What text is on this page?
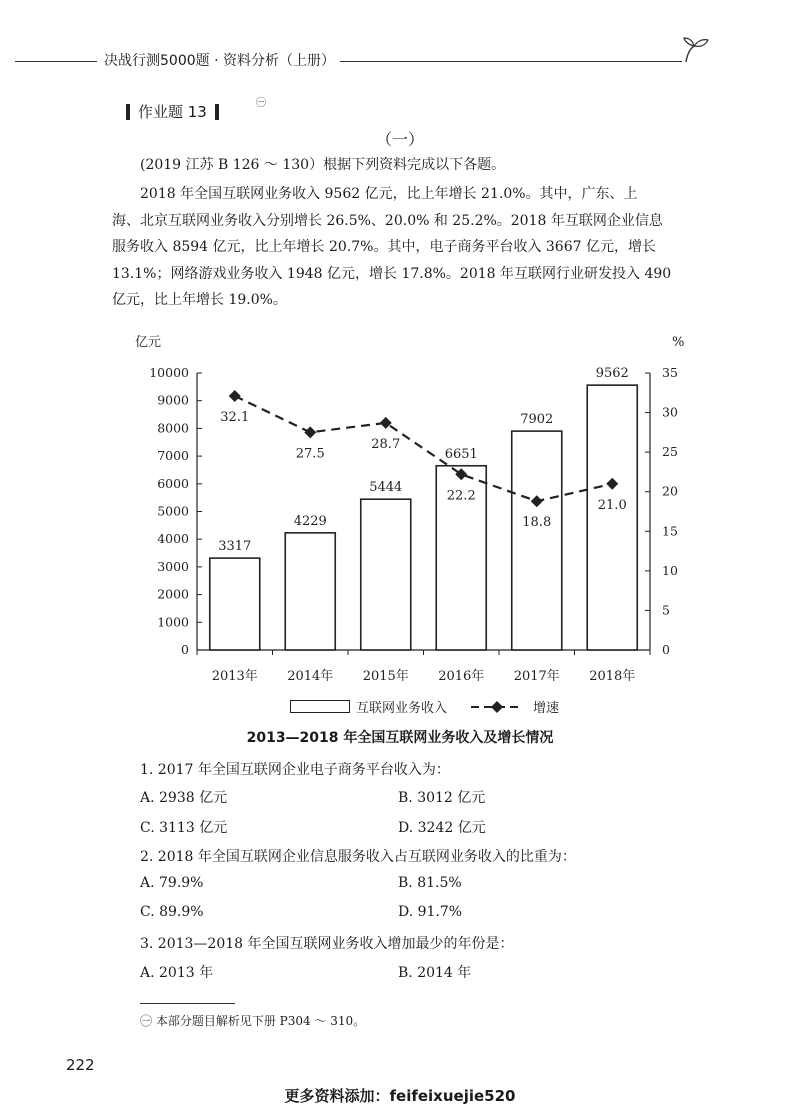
决战行测5000题 · 资料分析（上册）
作业题 13	㊀
（一）
(2019 江苏 B 126 ～ 130）根据下列资料完成以下各题。
2018 年全国互联网业务收入 9562 亿元，比上年增长 21.0%。其中，广东、上
海、北京互联网业务收入分别增长 26.5%、20.0% 和 25.2%。2018 年互联网企业信息
服务收入 8594 亿元，比上年增长 20.7%。其中，电子商务平台收入 3667 亿元，增长
13.1%；网络游戏业务收入 1948 亿元，增长 17.8%。2018 年互联网行业研发投入 490
亿元，比上年增长 19.0%。
亿元	%
0
1000
2000
3000
4000
5000
6000
7000
8000
9000
10000
0
5
10
15
20
25
30
35
2013年 2014年 2015年 2016年 2017年 2018年
3317
4229
5444
6651
7902
9562
32.1
27.5
28.7
22.2
18.8
21.0
互联网业务收入	增速
2013—2018 年全国互联网业务收入及增长情况
1. 2017 年全国互联网企业电子商务平台收入为：
A. 2938 亿元	B. 3012 亿元
C. 3113 亿元	D. 3242 亿元
2. 2018 年全国互联网企业信息服务收入占互联网业务收入的比重为：
A. 79.9%	B. 81.5%
C. 89.9%	D. 91.7%
3. 2013—2018 年全国互联网业务收入增加最少的年份是：
A. 2013 年	B. 2014 年
㊀ 本部分题目解析见下册 P304 ～ 310。
222
更多资料添加：feifeixuejie520
